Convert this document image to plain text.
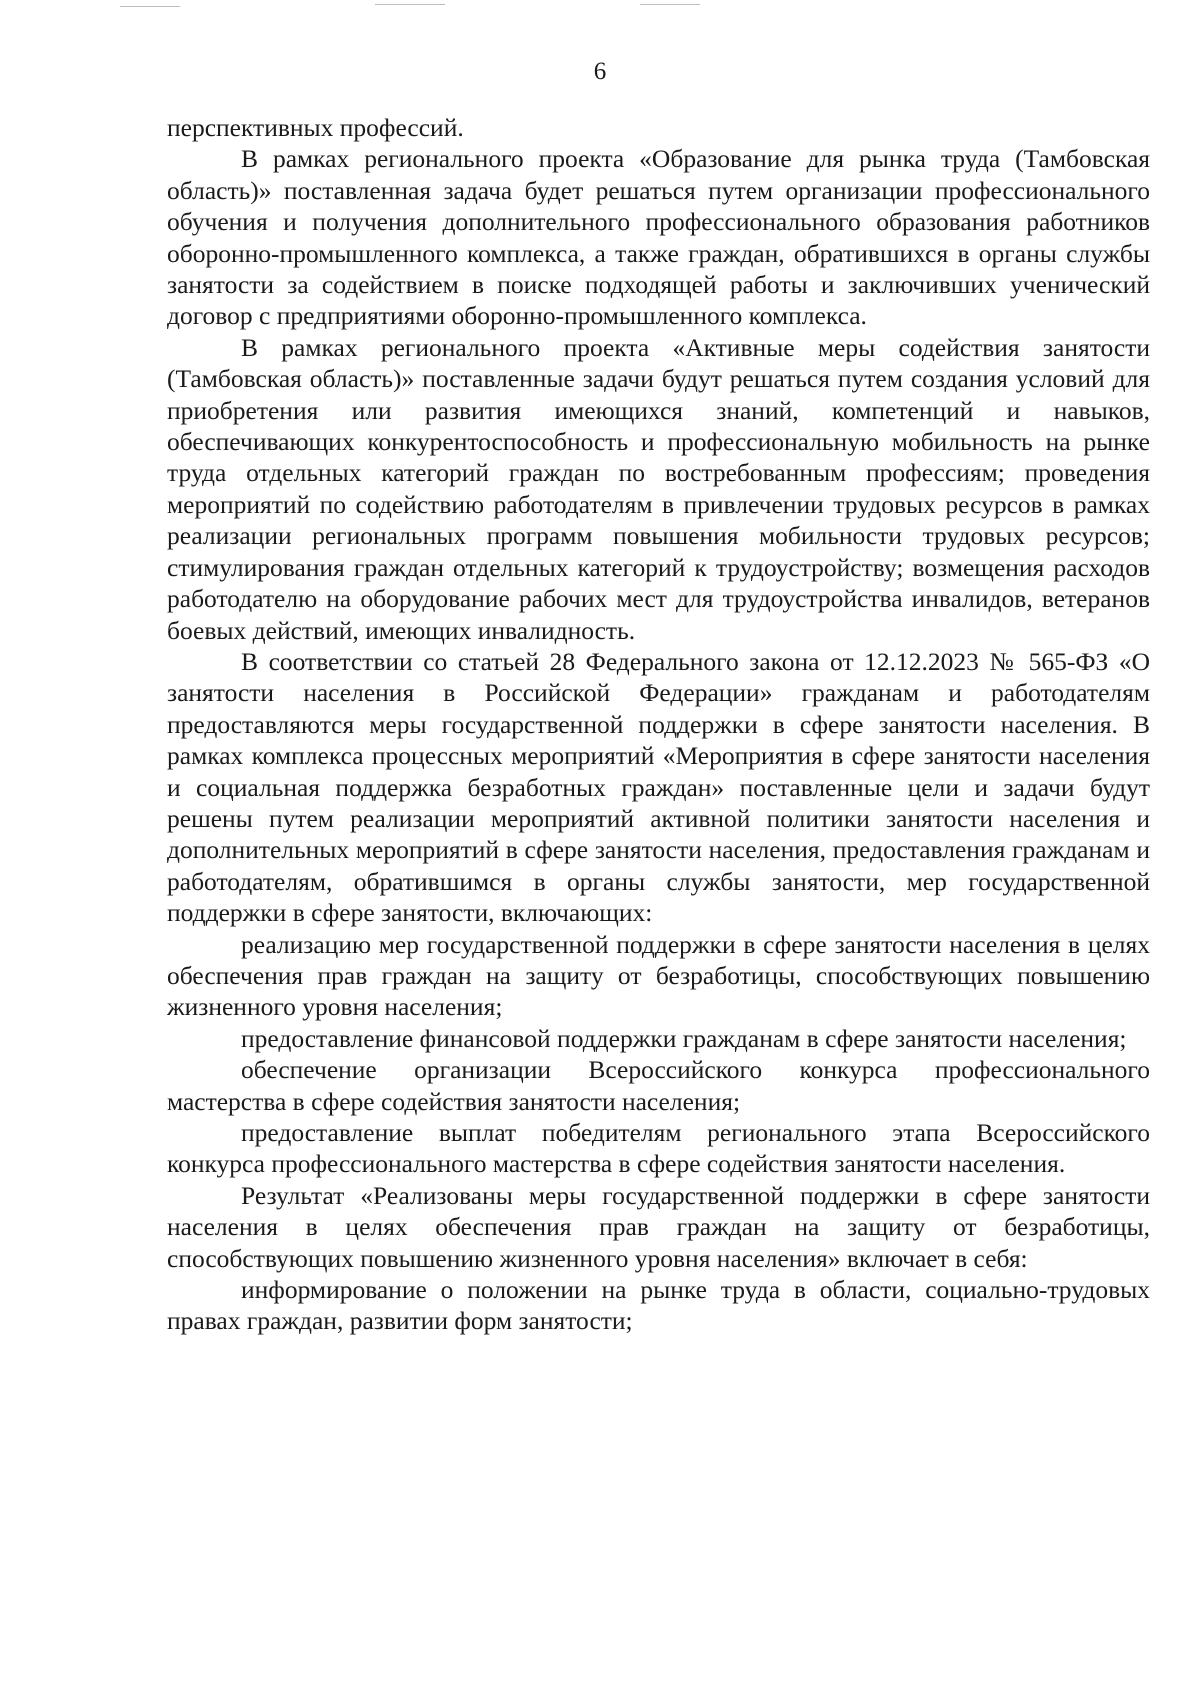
6

перспективных профессий.

В рамках регионального проекта «Образование для рынка труда (Тамбовская область)» поставленная задача будет решаться путем организации профессионального обучения и получения дополнительного профессионального образования работников оборонно-промышленного комплекса, а также граждан, обратившихся в органы службы занятости за содействием в поиске подходящей работы и заключивших ученический договор с предприятиями оборонно-промышленного комплекса.

В рамках регионального проекта «Активные меры содействия занятости (Тамбовская область)» поставленные задачи будут решаться путем создания условий для приобретения или развития имеющихся знаний, компетенций и навыков, обеспечивающих конкурентоспособность и профессиональную мобильность на рынке труда отдельных категорий граждан по востребованным профессиям; проведения мероприятий по содействию работодателям в привлечении трудовых ресурсов в рамках реализации региональных программ повышения мобильности трудовых ресурсов; стимулирования граждан отдельных категорий к трудоустройству; возмещения расходов работодателю на оборудование рабочих мест для трудоустройства инвалидов, ветеранов боевых действий, имеющих инвалидность.

В соответствии со статьей 28 Федерального закона от 12.12.2023 № 565-ФЗ «О занятости населения в Российской Федерации» гражданам и работодателям предоставляются меры государственной поддержки в сфере занятости населения. В рамках комплекса процессных мероприятий «Мероприятия в сфере занятости населения и социальная поддержка безработных граждан» поставленные цели и задачи будут решены путем реализации мероприятий активной политики занятости населения и дополнительных мероприятий в сфере занятости населения, предоставления гражданам и работодателям, обратившимся в органы службы занятости, мер государственной поддержки в сфере занятости, включающих:

реализацию мер государственной поддержки в сфере занятости населения в целях обеспечения прав граждан на защиту от безработицы, способствующих повышению жизненного уровня населения;

предоставление финансовой поддержки гражданам в сфере занятости населения;

обеспечение организации Всероссийского конкурса профессионального мастерства в сфере содействия занятости населения;

предоставление выплат победителям регионального этапа Всероссийского конкурса профессионального мастерства в сфере содействия занятости населения.

Результат «Реализованы меры государственной поддержки в сфере занятости населения в целях обеспечения прав граждан на защиту от безработицы, способствующих повышению жизненного уровня населения» включает в себя:

информирование о положении на рынке труда в области, социально-трудовых правах граждан, развитии форм занятости;
